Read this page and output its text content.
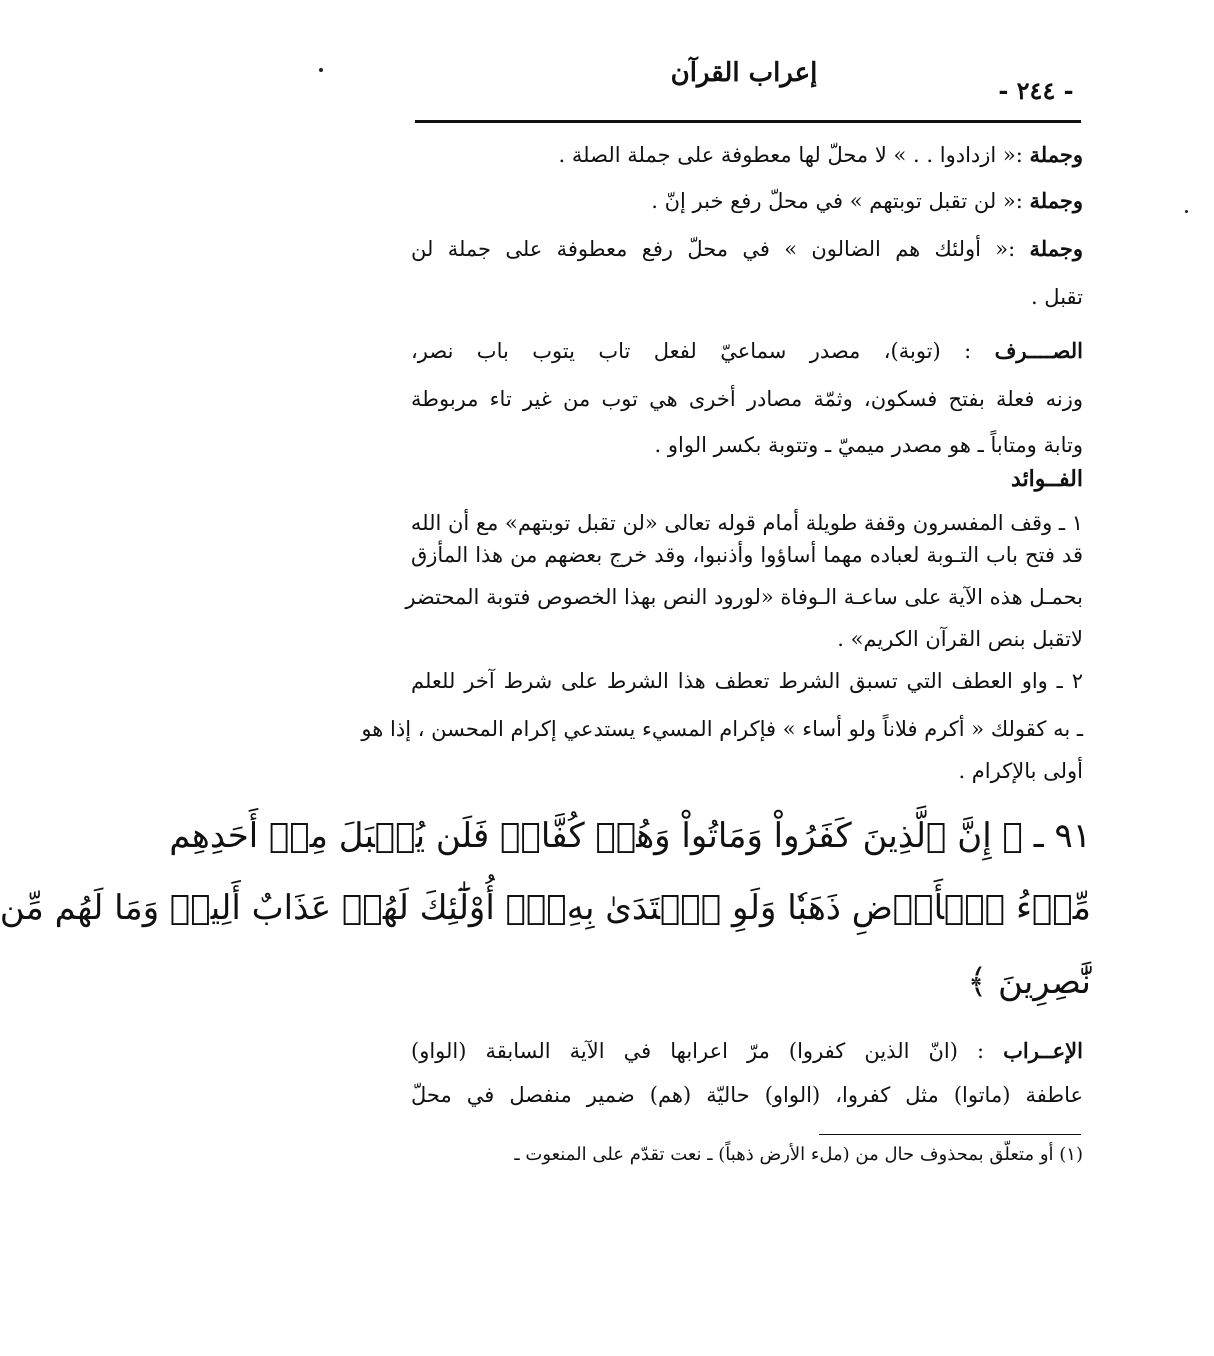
إعراب القرآن
- ٢٤٤ -
وجملة :« ازدادوا . . » لا محلّ لها معطوفة على جملة الصلة .
وجملة :« لن تقبل توبتهم » في محلّ رفع خبر إنّ .
وجملة :« أولئك هم الضالون » في محلّ رفع معطوفة على جملة لن
تقبل .
الصــــرف : (توبة)، مصدر سماعيّ لفعل تاب يتوب باب نصر،
وزنه فعلة بفتح فسكون، وثمّة مصادر أخرى هي توب من غير تاء مربوطة
وتابة ومتاباً ـ هو مصدر ميميّ ـ وتتوبة بكسر الواو .
الفــوائد
١ ـ وقف المفسرون وقفة طويلة أمام قوله تعالى «لن تقبل توبتهم» مع أن الله
قد فتح باب التـوبة لعباده مهما أساؤوا وأذنبوا، وقد خرج بعضهم من هذا المأزق
بحمـل هذه الآية على ساعـة الـوفاة «لورود النص بهذا الخصوص فتوبة المحتضر
لاتقبل بنص القرآن الكريم» .
٢ ـ واو العطف التي تسبق الشرط تعطف هذا الشرط على شرط آخر للعلم
ـ به كقولك « أكرم فلاناً ولو أساء » فإكرام المسيء يستدعي إكرام المحسن ، إذا هو
أولى بالإكرام .
٩١ ـ ﴿ إِنَّ ٱلَّذِينَ كَفَرُواْ وَمَاتُواْ وَهُمۡ كُفَّارٞ فَلَن يُقۡبَلَ مِنۡ أَحَدِهِم
مِّلۡءُ ٱلۡأَرۡضِ ذَهَبٗا وَلَوِ ٱفۡتَدَىٰ بِهِۦٓۗ أُوْلَٰٓئِكَ لَهُمۡ عَذَابٌ أَلِيمٞ وَمَا لَهُم مِّن
نَّٰصِرِينَ ﴾
الإعــراب : (انّ الذين كفروا) مرّ اعرابها في الآية السابقة (الواو)
عاطفة (ماتوا) مثل كفروا، (الواو) حاليّة (هم) ضمير منفصل في محلّ
(١) أو متعلّق بمحذوف حال من (ملء الأرض ذهباً) ـ نعت تقدّم على المنعوت ـ
